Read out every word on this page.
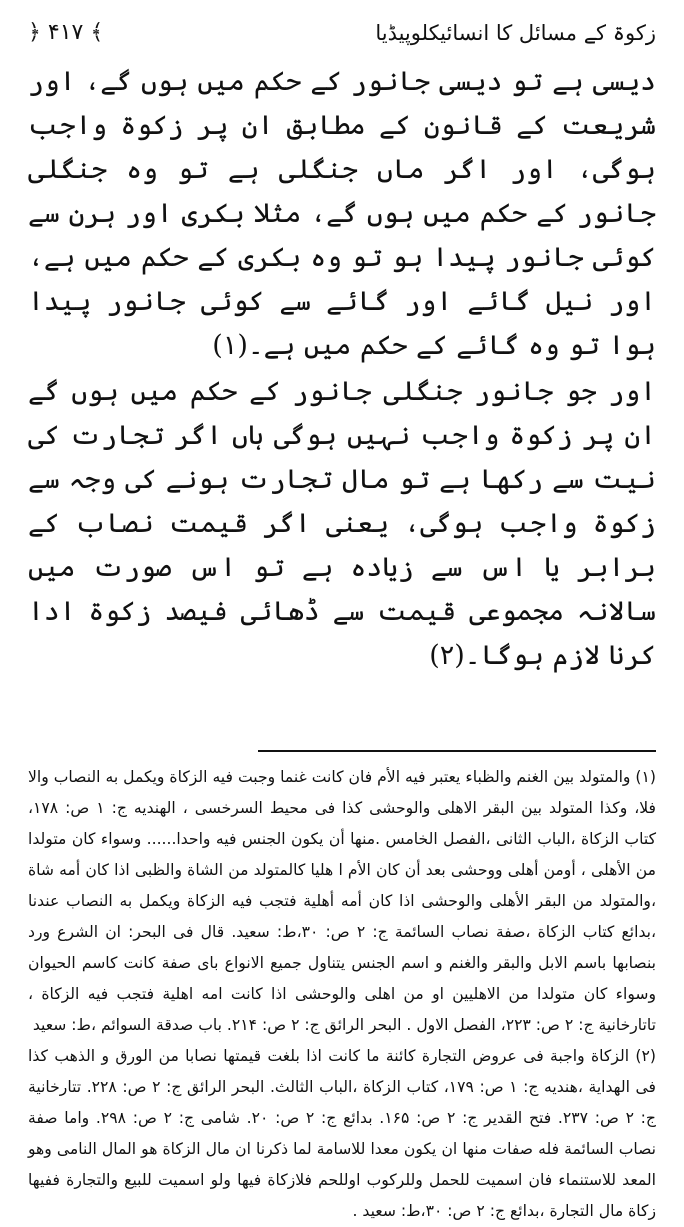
زکوۃ کے مسائل کا انسائیکلوپیڈیا
﴾ ۴۱۷ ﴿

دیسی ہے تو دیسی جانور کے حکم میں ہوں گے، اور شریعت کے قانون کے مطابق ان پر زکوۃ واجب ہوگی، اور اگر ماں جنگلی ہے تو وہ جنگلی جانور کے حکم میں ہوں گے، مثلا بکری اور ہرن سے کوئی جانور پیدا ہو تو وہ بکری کے حکم میں ہے، اور نیل گائے اور گائے سے کوئی جانور پیدا ہوا تو وہ گائے کے حکم میں ہے۔(۱)

اور جو جانور جنگلی جانور کے حکم میں ہوں گے ان پر زکوۃ واجب نہیں ہوگی ہاں اگر تجارت کی نیت سے رکھا ہے تو مال تجارت ہونے کی وجہ سے زکوۃ واجب ہوگی، یعنی اگر قیمت نصاب کے برابر یا اس سے زیادہ ہے تو اس صورت میں سالانہ مجموعی قیمت سے ڈھائی فیصد زکوۃ ادا کرنا لازم ہوگا۔(۲)

(۱) والمتولد بين الغنم والظباء يعتبر فيه الأم فان كانت غنما وجبت فيه الزكاة ويكمل به النصاب والا فلا، وكذا المتولد بين البقر الاهلى والوحشى كذا فى محيط السرخسى ، الهنديه ج: ۱ ص: ۱۷۸، كتاب الزكاة ،الباب الثانى ،الفصل الخامس .منها أن يكون الجنس فيه واحدا...... وسواء كان متولدا من الأهلى ، أومن أهلى ووحشى بعد أن كان الأم ا هليا كالمتولد من الشاة والظبى اذا كان أمه شاة ،والمتولد من البقر الأهلى والوحشى اذا كان أمه أهلية فتجب فيه الزكاة ويكمل به النصاب عندنا ،بدائع كتاب الزكاة ،صفة نصاب السائمة ج: ۲ ص: ۳۰،ط: سعيد. قال فى البحر: ان الشرع ورد بنصابها باسم الابل والبقر والغنم و اسم الجنس يتناول جميع الانواع باى صفة كانت كاسم الحيوان وسواء كان متولدا من الاهليين او من اهلى والوحشى اذا كانت امه اهلية فتجب فيه الزكاة ، تاتارخانية ج: ۲ ص: ۲۲۳، الفصل الاول . البحر الرائق ج: ۲ ص: ۲۱۴. باب صدقة السوائم ،ط: سعيد

(۲) الزكاة واجبة فى عروض التجارة كائنة ما كانت اذا بلغت قيمتها نصابا من الورق و الذهب كذا فى الهداية ،هنديه ج: ۱ ص: ۱۷۹، كتاب الزكاة ،الباب الثالث. البحر الرائق ج: ۲ ص: ۲۲۸. تتارخانية ج: ۲ ص: ۲۳۷. فتح القدير ج: ۲ ص: ۱۶۵. بدائع ج: ۲ ص: ۲۰. شامى ج: ۲ ص: ۲۹۸. واما صفة نصاب السائمة فله صفات منها ان يكون معدا للاسامة لما ذكرنا ان مال الزكاة هو المال النامى وهو المعد للاستنماء فان اسميت للحمل وللركوب اوللحم فلازكاة فيها ولو اسميت للبيع والتجارة ففيها زكاة مال التجارة ،بدائع ج: ۲ ص: ۳۰،ط: سعيد .
